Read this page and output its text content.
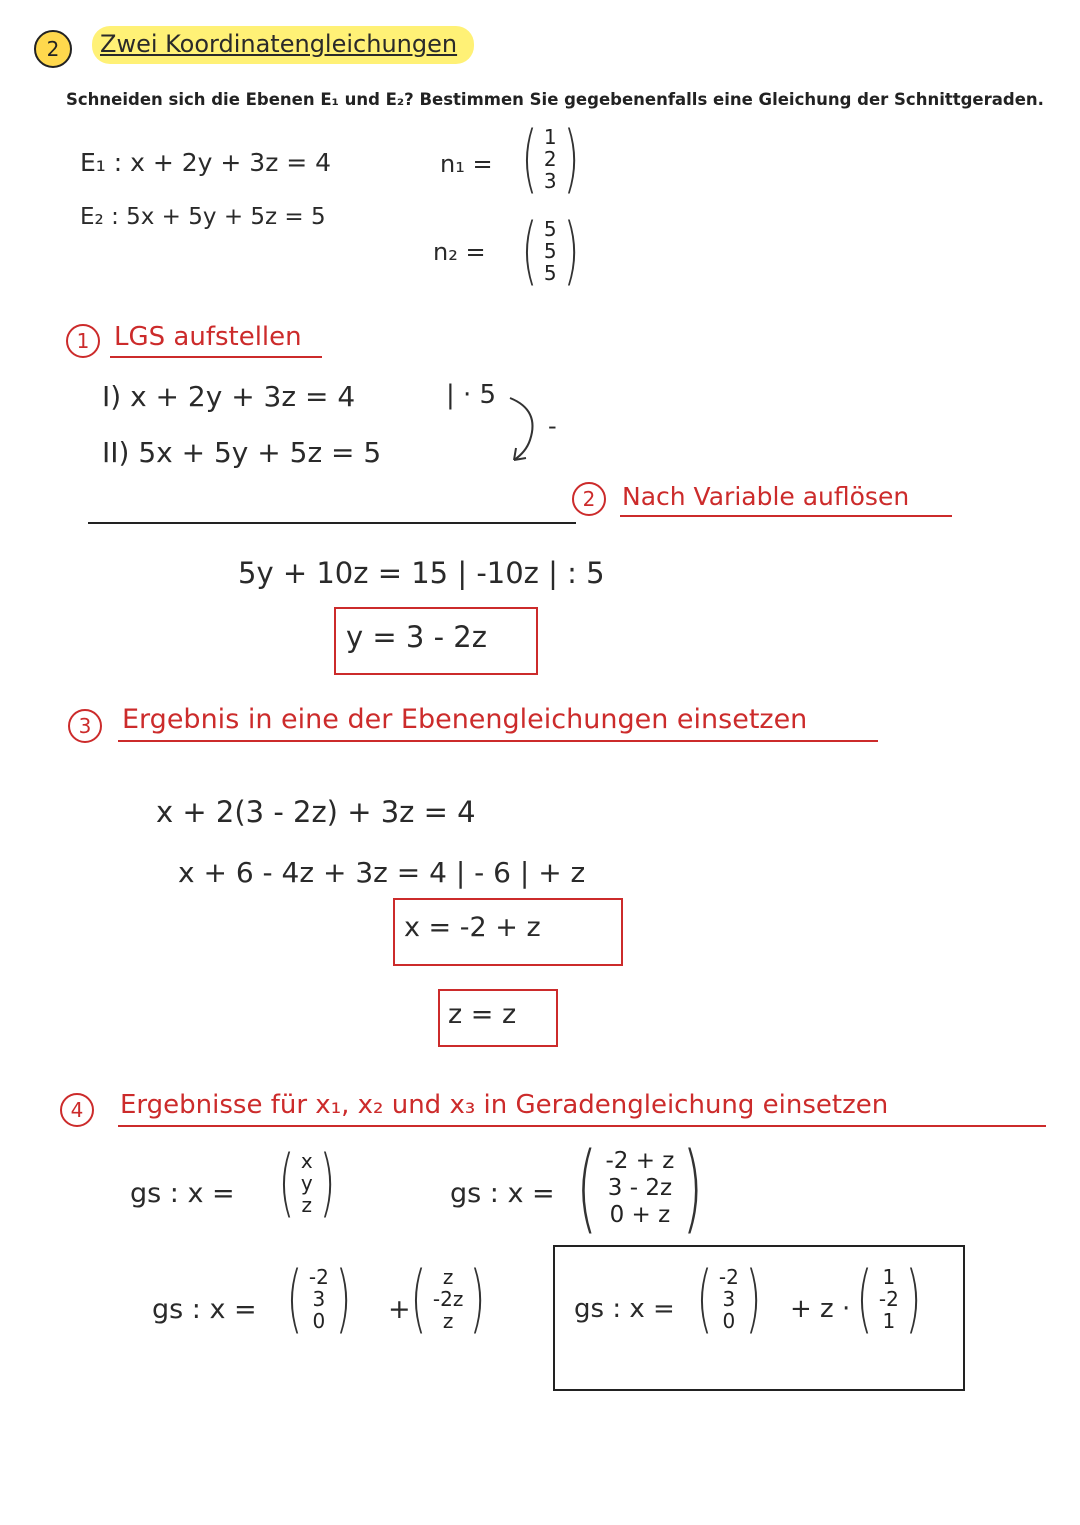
2	Zwei Koordinatengleichungen
Schneiden sich die Ebenen E₁ und E₂? Bestimmen Sie gegebenenfalls eine Gleichung der Schnittgeraden.
E₁ : x + 2y + 3z = 4
E₂ : 5x + 5y + 5z = 5
n₁ = ( 1
2
3 )
n₂ = ( 5
5
5 )
1 LGS aufstellen
I) x + 2y + 3z = 4	| · 5
II) 5x + 5y + 5z = 5
-
2	Nach Variable auflösen
5y + 10z = 15 | -10z | : 5
y = 3 - 2z
3	Ergebnis in eine der Ebenengleichungen einsetzen
x + 2(3 - 2z) + 3z = 4
x + 6 - 4z + 3z = 4 | - 6 | + z
x = -2 + z
z = z
4	Ergebnisse für x₁, x₂ und x₃ in Geradengleichung einsetzen
gs : x = ( x
y
z )	gs : x = ( -2 + z
3 - 2z
0 + z )
gs : x = ( -2
3
0 ) + ( z
-2z
z )	gs : x = ( -2
3
0 ) + z · ( 1
-2
1 )
